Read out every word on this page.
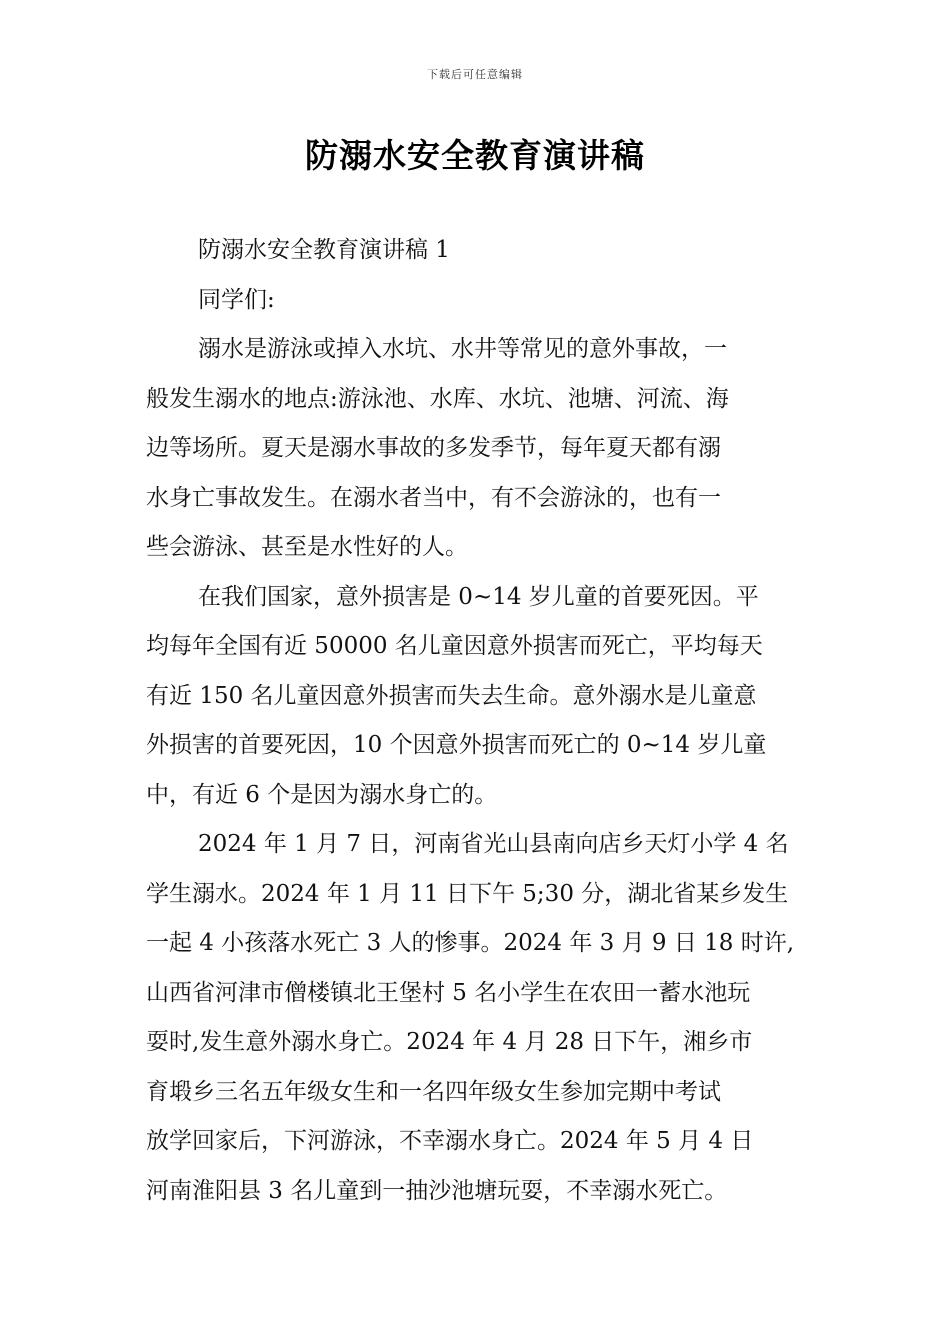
下载后可任意编辑
防溺水安全教育演讲稿

防溺水安全教育演讲稿 1

同学们:

溺水是游泳或掉入水坑、水井等常见的意外事故，一
般发生溺水的地点:游泳池、水库、水坑、池塘、河流、海
边等场所。夏天是溺水事故的多发季节，每年夏天都有溺
水身亡事故发生。在溺水者当中，有不会游泳的，也有一
些会游泳、甚至是水性好的人。

在我们国家，意外损害是 0~14 岁儿童的首要死因。平
均每年全国有近 50000 名儿童因意外损害而死亡，平均每天
有近 150 名儿童因意外损害而失去生命。意外溺水是儿童意
外损害的首要死因，10 个因意外损害而死亡的 0~14 岁儿童
中，有近 6 个是因为溺水身亡的。

2024 年 1 月 7 日，河南省光山县南向店乡天灯小学 4 名
学生溺水。2024 年 1 月 11 日下午 5;30 分，湖北省某乡发生
一起 4 小孩落水死亡 3 人的惨事。2024 年 3 月 9 日 18 时许,
山西省河津市僧楼镇北王堡村 5 名小学生在农田一蓄水池玩
耍时,发生意外溺水身亡。2024 年 4 月 28 日下午，湘乡市
育塅乡三名五年级女生和一名四年级女生参加完期中考试
放学回家后，下河游泳，不幸溺水身亡。2024 年 5 月 4 日
河南淮阳县 3 名儿童到一抽沙池塘玩耍，不幸溺水死亡。
